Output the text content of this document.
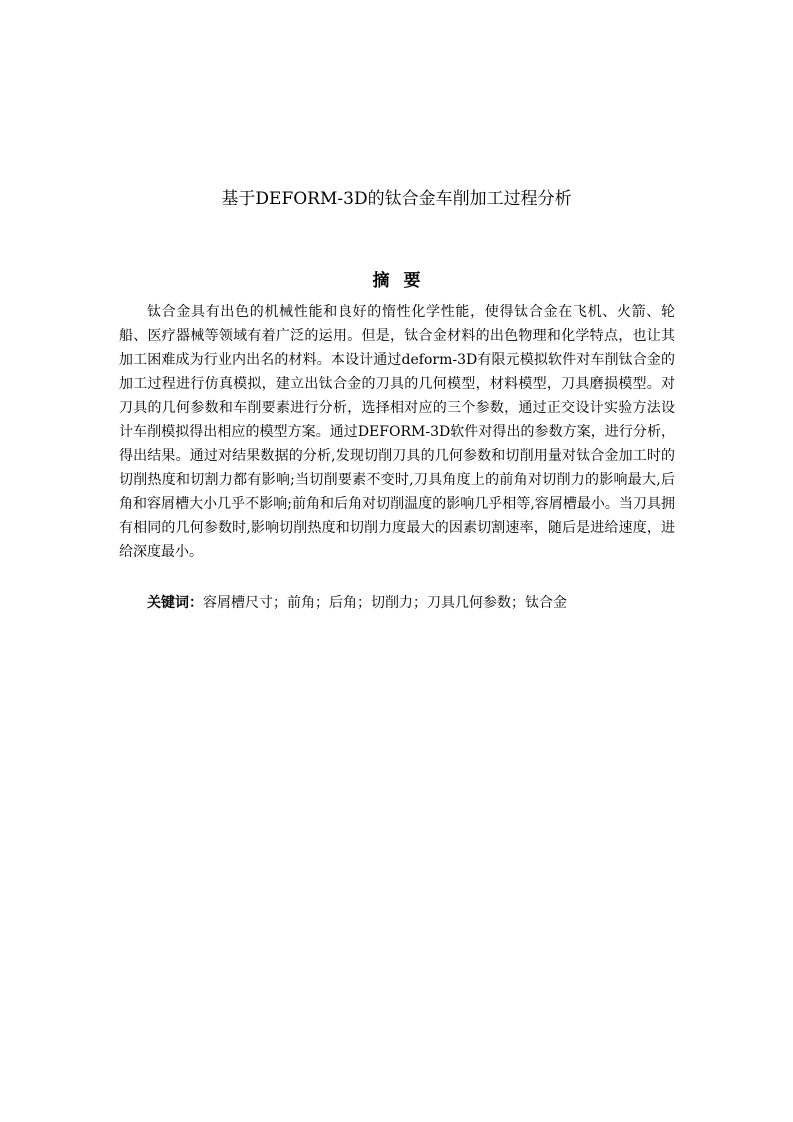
基于DEFORM-3D的钛合金车削加工过程分析
摘要

钛合金具有出色的机械性能和良好的惰性化学性能，使得钛合金在飞机、火箭、轮船、医疗器械等领域有着广泛的运用。但是，钛合金材料的出色物理和化学特点，也让其加工困难成为行业内出名的材料。本设计通过deform-3D有限元模拟软件对车削钛合金的加工过程进行仿真模拟，建立出钛合金的刀具的几何模型，材料模型，刀具磨损模型。对刀具的几何参数和车削要素进行分析，选择相对应的三个参数，通过正交设计实验方法设计车削模拟得出相应的模型方案。通过DEFORM-3D软件对得出的参数方案，进行分析，得出结果。通过对结果数据的分析,发现切削刀具的几何参数和切削用量对钛合金加工时的切削热度和切割力都有影响;当切削要素不变时,刀具角度上的前角对切削力的影响最大,后角和容屑槽大小几乎不影响;前角和后角对切削温度的影响几乎相等,容屑槽最小。当刀具拥有相同的几何参数时,影响切削热度和切削力度最大的因素切割速率，随后是进给速度，进给深度最小。

关键词：容屑槽尺寸；前角；后角；切削力；刀具几何参数；钛合金
